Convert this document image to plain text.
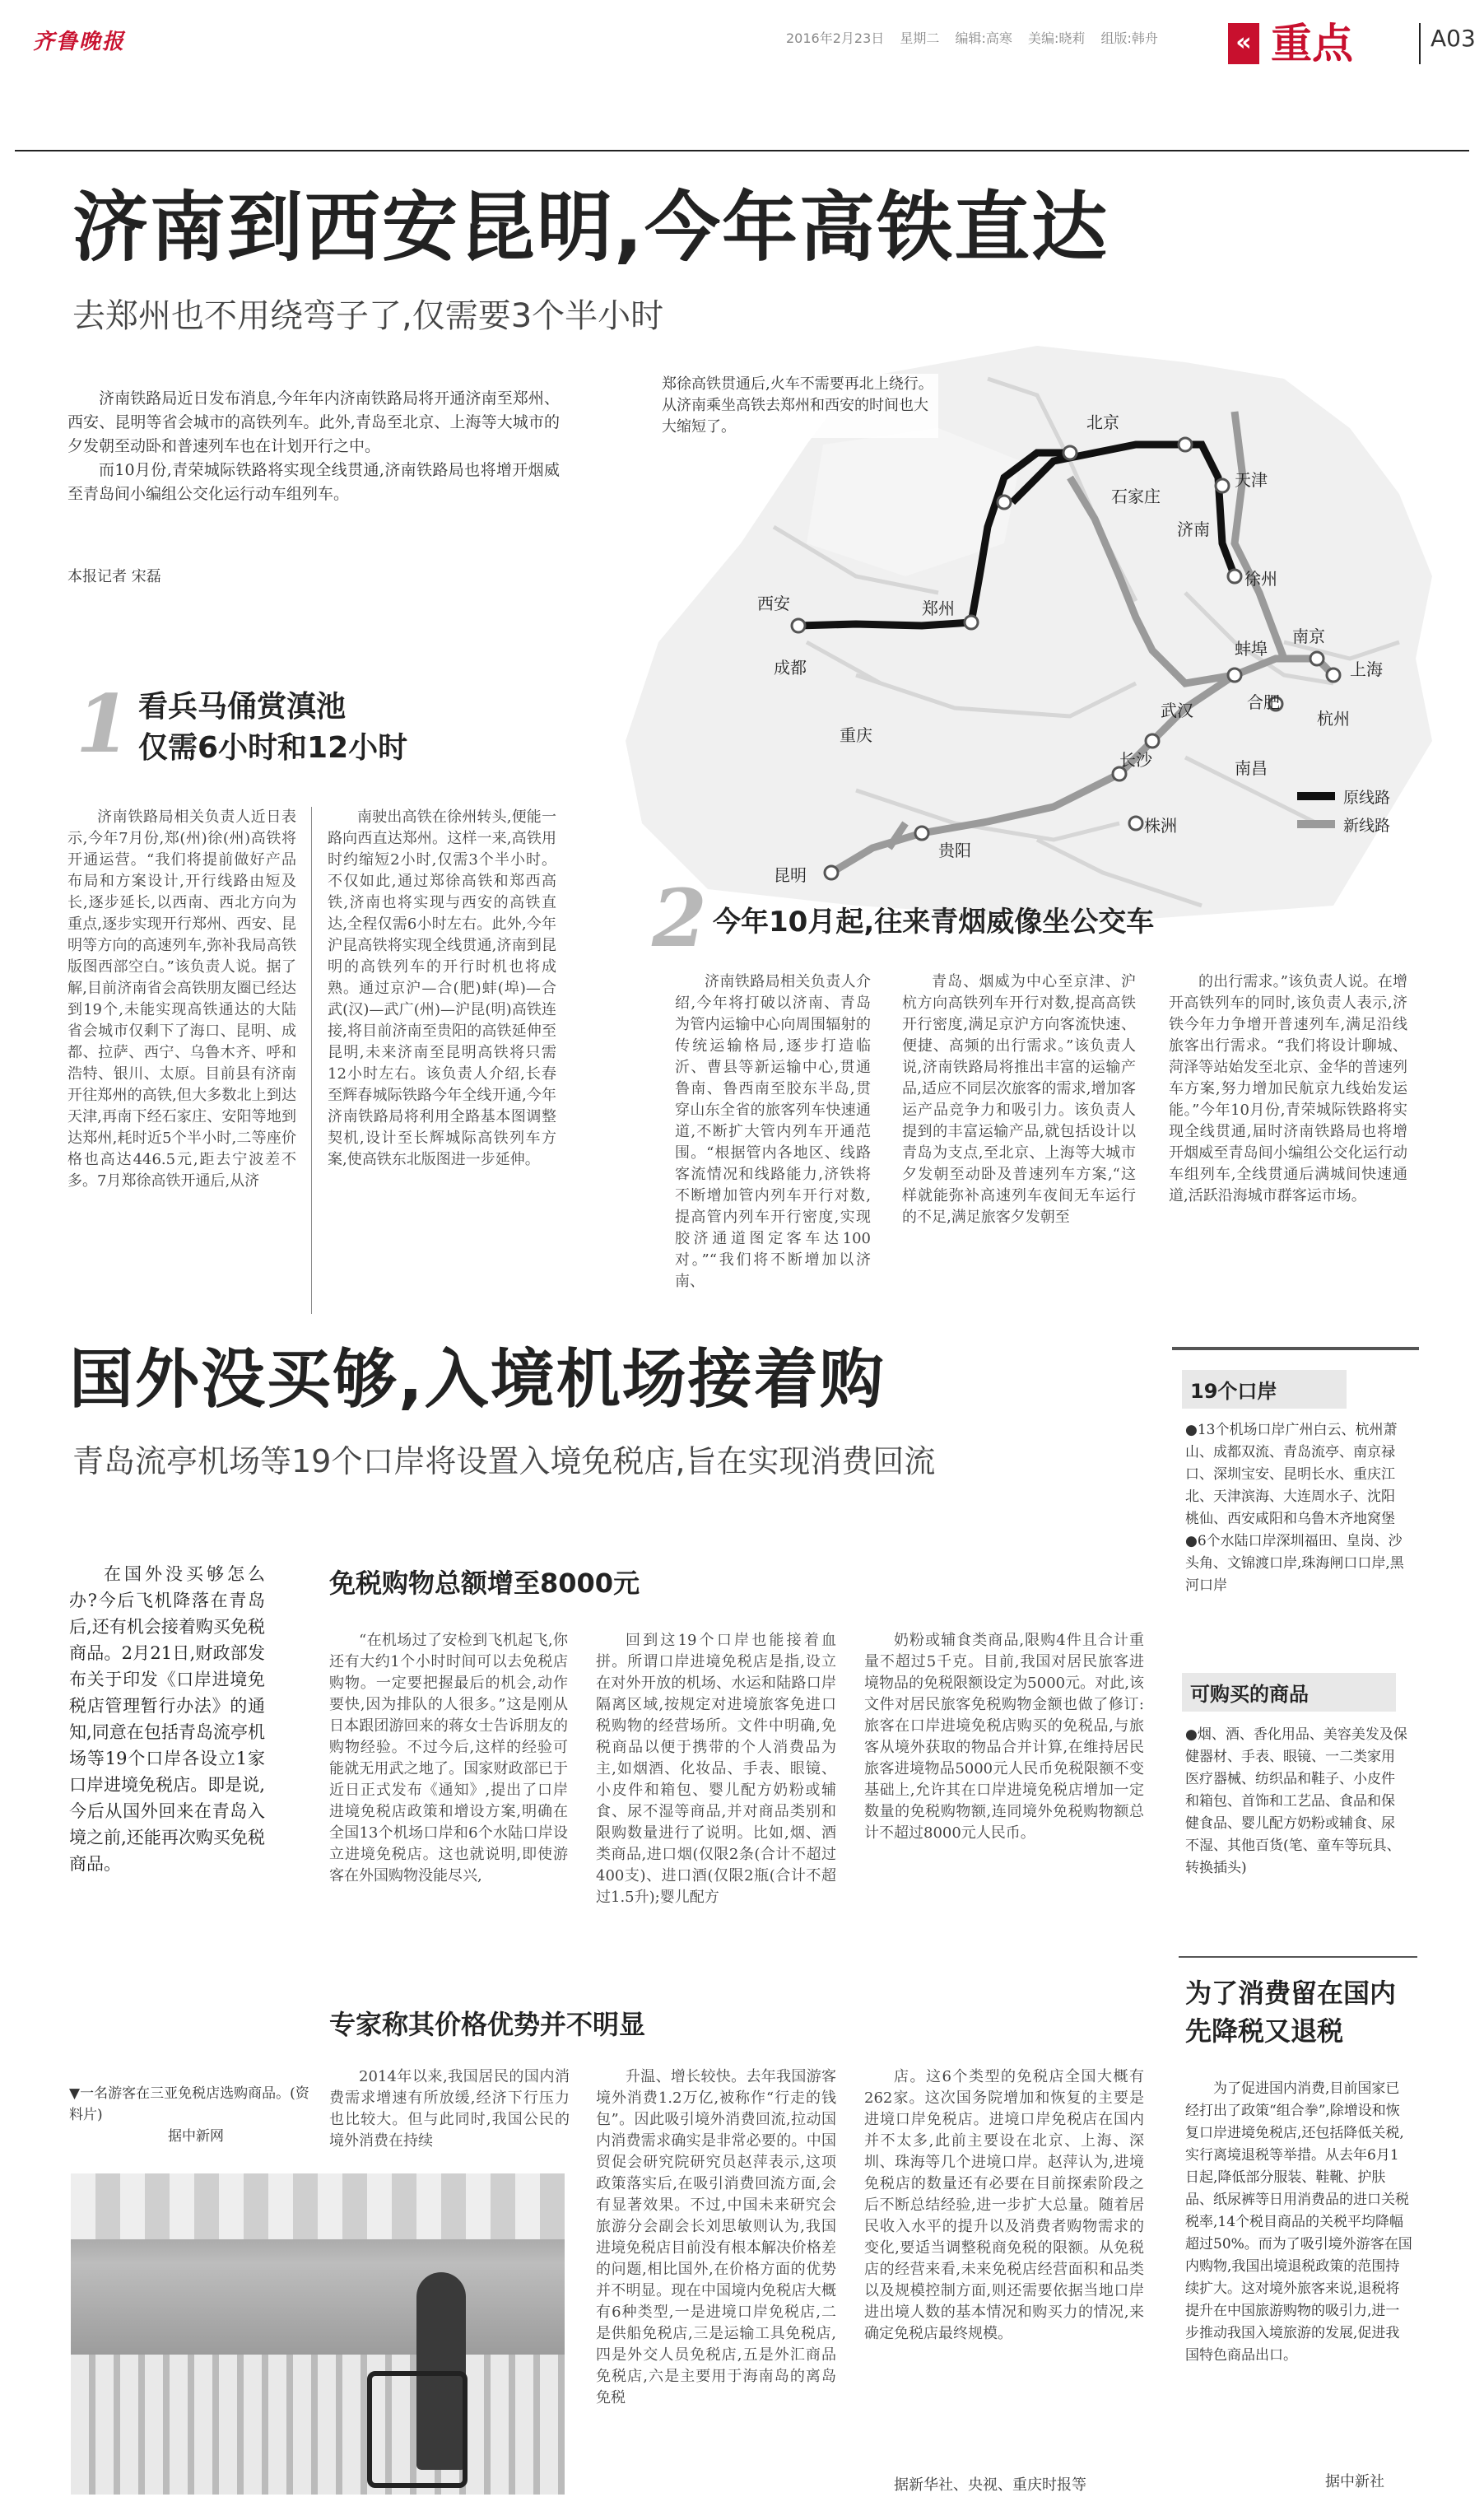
齐鲁晚报	2016年2月23日 星期二 编辑:高寒 美编:晓莉 组版:韩舟	« 重点	A03
济南到西安昆明,今年高铁直达
去郑州也不用绕弯子了,仅需要3个半小时
济南铁路局近日发布消息,今年年内济南铁路局将开通济南至郑州、西安、昆明等省会城市的高铁列车。此外,青岛至北京、上海等大城市的夕发朝至动卧和普速列车也在计划开行之中。
而10月份,青荣城际铁路将实现全线贯通,济南铁路局也将增开烟威至青岛间小编组公交化运行动车组列车。
本报记者 宋磊
天津
石家庄
西安	郑州
徐州
蚌埠
南京
上海
合肥
武汉
长沙
株洲
贵阳
昆明
成都
重庆
南昌
杭州
北京
济南
郑徐高铁贯通后,火车不需要再北上绕行。从济南乘坐高铁去郑州和西安的时间也大大缩短了。
原线路
新线路
1 看兵马俑赏滇池
仅需6小时和12小时

济南铁路局相关负责人近日表示,今年7月份,郑(州)徐(州)高铁将开通运营。“我们将提前做好产品布局和方案设计,开行线路由短及长,逐步延长,以西南、西北方向为重点,逐步实现开行郑州、西安、昆明等方向的高速列车,弥补我局高铁版图西部空白。”该负责人说。据了解,目前济南省会高铁朋友圈已经达到19个,未能实现高铁通达的大陆省会城市仅剩下了海口、昆明、成都、拉萨、西宁、乌鲁木齐、呼和浩特、银川、太原。目前县有济南开往郑州的高铁,但大多数北上到达天津,再南下经石家庄、安阳等地到达郑州,耗时近5个半小时,二等座价格也高达446.5元,距去宁波差不多。7月郑徐高铁开通后,从济

南驶出高铁在徐州转头,便能一路向西直达郑州。这样一来,高铁用时约缩短2小时,仅需3个半小时。不仅如此,通过郑徐高铁和郑西高铁,济南也将实现与西安的高铁直达,全程仅需6小时左右。此外,今年沪昆高铁将实现全线贯通,济南到昆明的高铁列车的开行时机也将成熟。通过京沪—合(肥)蚌(埠)—合武(汉)—武广(州)—沪昆(明)高铁连接,将目前济南至贵阳的高铁延伸至昆明,未来济南至昆明高铁将只需12小时左右。该负责人介绍,长春至辉春城际铁路今年全线开通,今年济南铁路局将利用全路基本图调整契机,设计至长辉城际高铁列车方案,使高铁东北版图进一步延伸。

2 今年10月起,往来青烟威像坐公交车

济南铁路局相关负责人介绍,今年将打破以济南、青岛为管内运输中心向周围辐射的传统运输格局,逐步打造临沂、曹县等新运输中心,贯通鲁南、鲁西南至胶东半岛,贯穿山东全省的旅客列车快速通道,不断扩大管内列车开通范围。“根据管内各地区、线路客流情况和线路能力,济铁将不断增加管内列车开行对数,提高管内列车开行密度,实现胶济通道图定客车达100对。”“我们将不断增加以济南、

青岛、烟威为中心至京津、沪杭方向高铁列车开行对数,提高高铁开行密度,满足京沪方向客流快速、便捷、高频的出行需求。”该负责人说,济南铁路局将推出丰富的运输产品,适应不同层次旅客的需求,增加客运产品竞争力和吸引力。该负责人提到的丰富运输产品,就包括设计以青岛为支点,至北京、上海等大城市夕发朝至动卧及普速列车方案,“这样就能弥补高速列车夜间无车运行的不足,满足旅客夕发朝至

的出行需求。”该负责人说。在增开高铁列车的同时,该负责人表示,济铁今年力争增开普速列车,满足沿线旅客出行需求。“我们将设计聊城、菏泽等站始发至北京、金华的普速列车方案,努力增加民航京九线始发运能。”今年10月份,青荣城际铁路将实现全线贯通,届时济南铁路局也将增开烟威至青岛间小编组公交化运行动车组列车,全线贯通后满城间快速通道,活跃沿海城市群客运市场。

国外没买够,入境机场接着购
青岛流亭机场等19个口岸将设置入境免税店,旨在实现消费回流
在国外没买够怎么办?今后飞机降落在青岛后,还有机会接着购买免税商品。2月21日,财政部发布关于印发《口岸进境免税店管理暂行办法》的通知,同意在包括青岛流亭机场等19个口岸各设立1家口岸进境免税店。即是说,今后从国外回来在青岛入境之前,还能再次购买免税商品。
免税购物总额增至8000元

“在机场过了安检到飞机起飞,你还有大约1个小时时间可以去免税店购物。一定要把握最后的机会,动作要快,因为排队的人很多。”这是刚从日本跟团游回来的蒋女士告诉朋友的购物经验。不过今后,这样的经验可能就无用武之地了。国家财政部已于近日正式发布《通知》,提出了口岸进境免税店政策和增设方案,明确在全国13个机场口岸和6个水陆口岸设立进境免税店。这也就说明,即使游客在外国购物没能尽兴,

回到这19个口岸也能接着血拼。所谓口岸进境免税店是指,设立在对外开放的机场、水运和陆路口岸隔离区域,按规定对进境旅客免进口税购物的经营场所。文件中明确,免税商品以便于携带的个人消费品为主,如烟酒、化妆品、手表、眼镜、小皮件和箱包、婴儿配方奶粉或辅食、尿不湿等商品,并对商品类别和限购数量进行了说明。比如,烟、酒类商品,进口烟(仅限2条(合计不超过400支)、进口酒(仅限2瓶(合计不超过1.5升);婴儿配方

奶粉或辅食类商品,限购4件且合计重量不超过5千克。目前,我国对居民旅客进境物品的免税限额设定为5000元。对此,该文件对居民旅客免税购物金额也做了修订:旅客在口岸进境免税店购买的免税品,与旅客从境外获取的物品合并计算,在维持居民旅客进境物品5000元人民币免税限额不变基础上,允许其在口岸进境免税店增加一定数量的免税购物额,连同境外免税购物额总计不超过8000元人民币。

专家称其价格优势并不明显
▼一名游客在三亚免税店选购商品。(资料片)
据中新网

2014年以来,我国居民的国内消费需求增速有所放缓,经济下行压力也比较大。但与此同时,我国公民的境外消费在持续

升温、增长较快。去年我国游客境外消费1.2万亿,被称作“行走的钱包”。因此吸引境外消费回流,拉动国内消费需求确实是非常必要的。中国贸促会研究院研究员赵萍表示,这项政策落实后,在吸引消费回流方面,会有显著效果。不过,中国未来研究会旅游分会副会长刘思敏则认为,我国进境免税店目前没有根本解决价格差的问题,相比国外,在价格方面的优势并不明显。现在中国境内免税店大概有6种类型,一是进境口岸免税店,二是供船免税店,三是运输工具免税店,四是外交人员免税店,五是外汇商品免税店,六是主要用于海南岛的离岛免税

店。这6个类型的免税店全国大概有262家。这次国务院增加和恢复的主要是进境口岸免税店。进境口岸免税店在国内并不太多,此前主要设在北京、上海、深圳、珠海等几个进境口岸。赵萍认为,进境免税店的数量还有必要在目前探索阶段之后不断总结经验,进一步扩大总量。随着居民收入水平的提升以及消费者购物需求的变化,要适当调整税商免税的限额。从免税店的经营来看,未来免税店经营面积和品类以及规模控制方面,则还需要依据当地口岸进出境人数的基本情况和购买力的情况,来确定免税店最终规模。

据新华社、央视、重庆时报等
19个口岸
●13个机场口岸广州白云、杭州萧山、成都双流、青岛流亭、南京禄口、深圳宝安、昆明长水、重庆江北、天津滨海、大连周水子、沈阳桃仙、西安咸阳和乌鲁木齐地窝堡
●6个水陆口岸深圳福田、皇岗、沙头角、文锦渡口岸,珠海闸口口岸,黑河口岸
可购买的商品
●烟、酒、香化用品、美容美发及保健器材、手表、眼镜、一二类家用医疗器械、纺织品和鞋子、小皮件和箱包、首饰和工艺品、食品和保健食品、婴儿配方奶粉或辅食、尿不湿、其他百货(笔、童车等玩具、转换插头)
为了消费留在国内
先降税又退税
为了促进国内消费,目前国家已经打出了政策“组合拳”,除增设和恢复口岸进境免税店,还包括降低关税,实行离境退税等举措。从去年6月1日起,降低部分服装、鞋靴、护肤品、纸尿裤等日用消费品的进口关税税率,14个税目商品的关税平均降幅超过50%。而为了吸引境外游客在国内购物,我国出境退税政策的范围持续扩大。这对境外旅客来说,退税将提升在中国旅游购物的吸引力,进一步推动我国入境旅游的发展,促进我国特色商品出口。
据中新社
